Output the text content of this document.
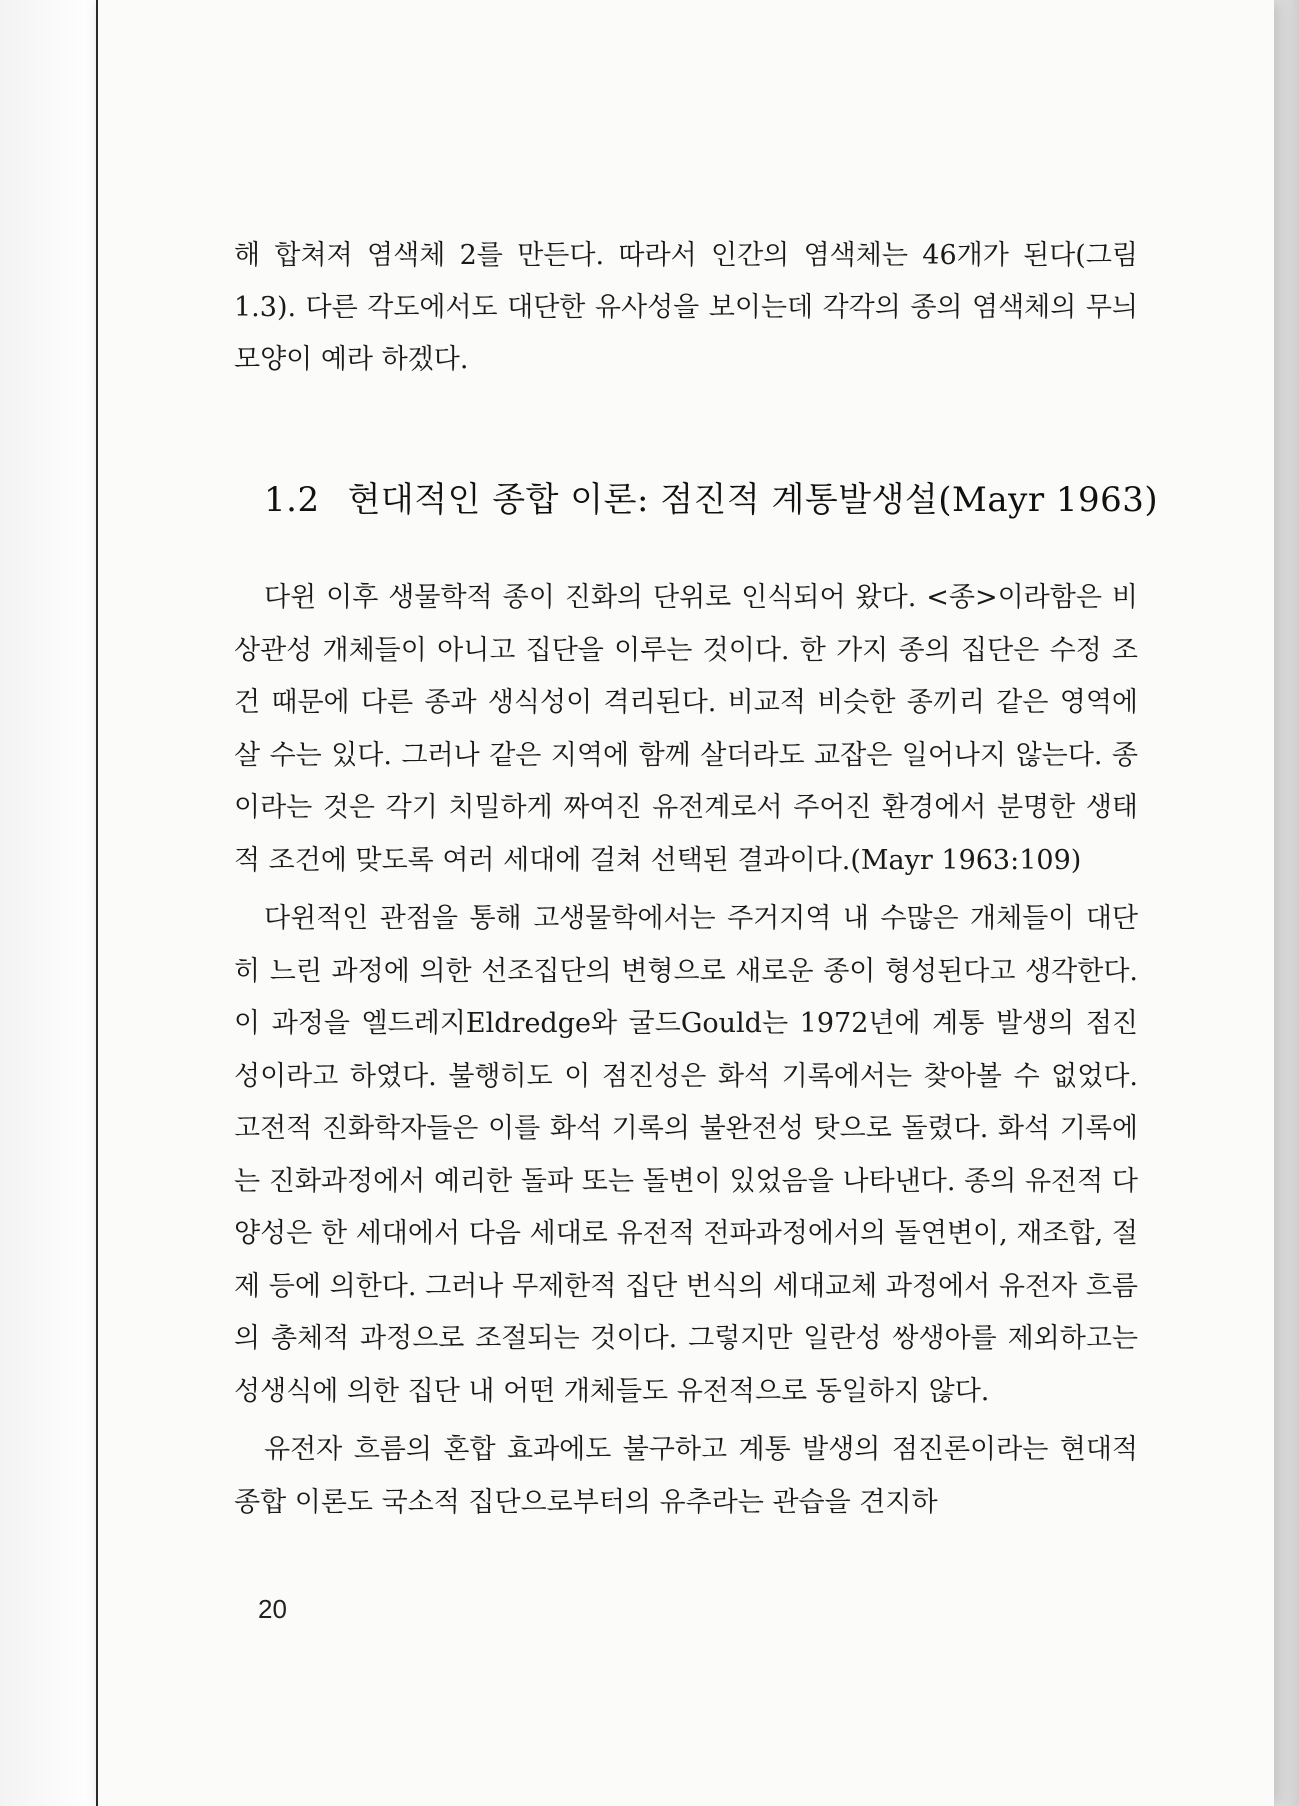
해 합쳐져 염색체 2를 만든다. 따라서 인간의 염색체는 46개가 된다(그림 1.3). 다른 각도에서도 대단한 유사성을 보이는데 각각의 종의 염색체의 무늬 모양이 예라 하겠다.

1.2 현대적인 종합 이론: 점진적 계통발생설(Mayr 1963)

다윈 이후 생물학적 종이 진화의 단위로 인식되어 왔다. <종>이라함은 비상관성 개체들이 아니고 집단을 이루는 것이다. 한 가지 종의 집단은 수정 조건 때문에 다른 종과 생식성이 격리된다. 비교적 비슷한 종끼리 같은 영역에 살 수는 있다. 그러나 같은 지역에 함께 살더라도 교잡은 일어나지 않는다. 종이라는 것은 각기 치밀하게 짜여진 유전계로서 주어진 환경에서 분명한 생태적 조건에 맞도록 여러 세대에 걸쳐 선택된 결과이다.(Mayr 1963:109)

다윈적인 관점을 통해 고생물학에서는 주거지역 내 수많은 개체들이 대단히 느린 과정에 의한 선조집단의 변형으로 새로운 종이 형성된다고 생각한다. 이 과정을 엘드레지Eldredge와 굴드Gould는 1972년에 계통 발생의 점진성이라고 하였다. 불행히도 이 점진성은 화석 기록에서는 찾아볼 수 없었다. 고전적 진화학자들은 이를 화석 기록의 불완전성 탓으로 돌렸다. 화석 기록에는 진화과정에서 예리한 돌파 또는 돌변이 있었음을 나타낸다. 종의 유전적 다양성은 한 세대에서 다음 세대로 유전적 전파과정에서의 돌연변이, 재조합, 절제 등에 의한다. 그러나 무제한적 집단 번식의 세대교체 과정에서 유전자 흐름의 총체적 과정으로 조절되는 것이다. 그렇지만 일란성 쌍생아를 제외하고는 성생식에 의한 집단 내 어떤 개체들도 유전적으로 동일하지 않다.

유전자 흐름의 혼합 효과에도 불구하고 계통 발생의 점진론이라는 현대적 종합 이론도 국소적 집단으로부터의 유추라는 관습을 견지하

20
